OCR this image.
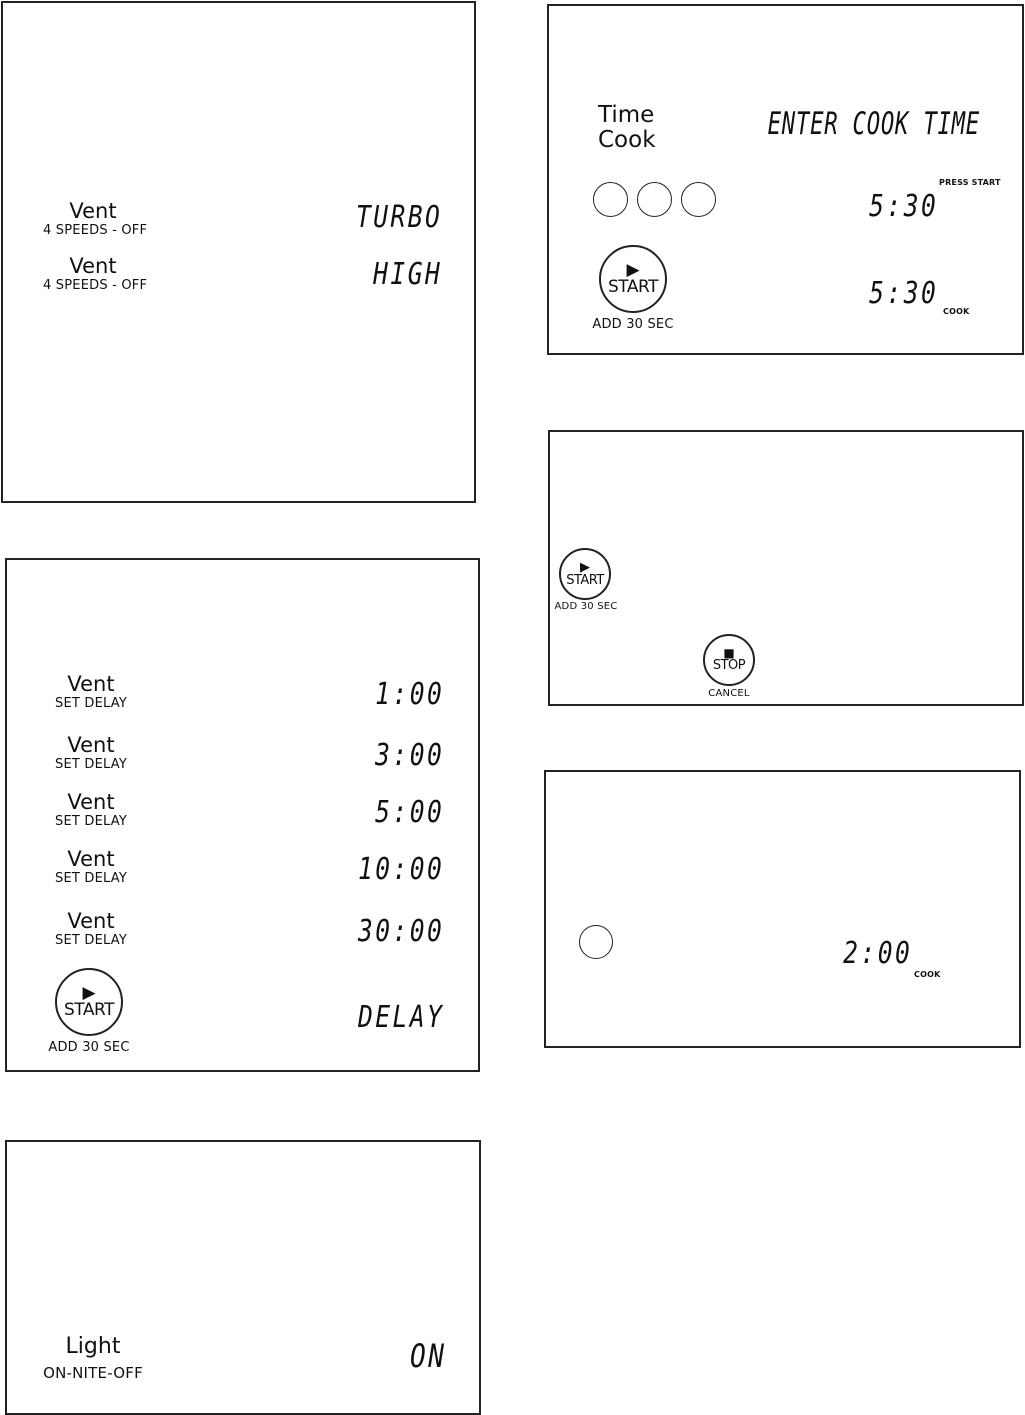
Vent
4 SPEEDS - OFF	TURBO
Vent
4 SPEEDS - OFF	HIGH
Time
Cook	ENTER COOK TIME
5:30
PRESS START
▶
START
ADD 30 SEC
5:30
COOK
▶
START
ADD 30 SEC
■
STOP
CANCEL
Vent
SET DELAY	1:00
Vent
SET DELAY	3:00
Vent
SET DELAY	5:00
Vent
SET DELAY	10:00
Vent
SET DELAY	30:00
▶
START
ADD 30 SEC
DELAY
2:00
COOK
Light
ON-NITE-OFF	ON
